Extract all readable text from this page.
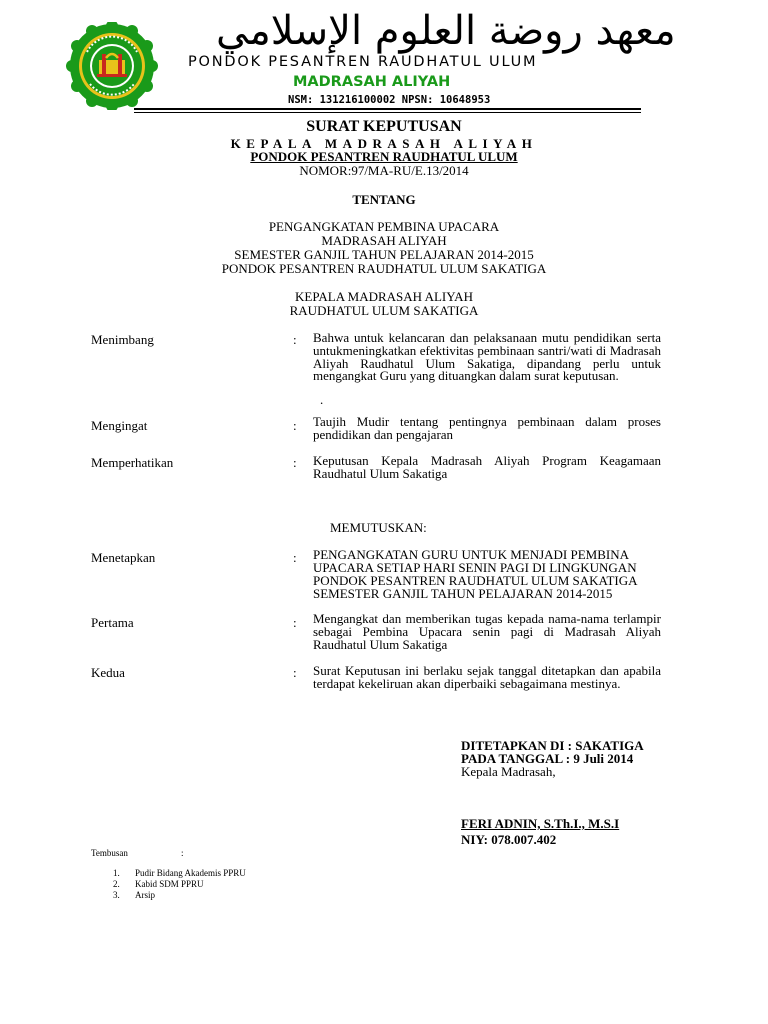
معهد روضة العلوم الإسلامي
PONDOK PESANTREN RAUDHATUL ULUM
MADRASAH ALIYAH
NSM: 131216100002 NPSN: 10648953
SURAT KEPUTUSAN
KEPALA MADRASAH ALIYAH
PONDOK PESANTREN RAUDHATUL ULUM
NOMOR:97/MA-RU/E.13/2014
TENTANG
PENGANGKATAN PEMBINA UPACARA
MADRASAH ALIYAH
SEMESTER GANJIL TAHUN PELAJARAN 2014-2015
PONDOK PESANTREN RAUDHATUL ULUM SAKATIGA
KEPALA MADRASAH ALIYAH
RAUDHATUL ULUM SAKATIGA
Menimbang	: Bahwa untuk kelancaran dan pelaksanaan mutu pendidikan serta untukmeningkatkan efektivitas pembinaan santri/wati di Madrasah Aliyah Raudhatul Ulum Sakatiga, dipandang perlu untuk mengangkat Guru yang dituangkan dalam surat keputusan.
.
Mengingat	: Taujih Mudir tentang pentingnya pembinaan dalam proses pendidikan dan pengajaran
Memperhatikan	: Keputusan Kepala Madrasah Aliyah Program Keagamaan Raudhatul Ulum Sakatiga
MEMUTUSKAN:
Menetapkan	: PENGANGKATAN GURU UNTUK MENJADI PEMBINA
UPACARA SETIAP HARI SENIN PAGI DI LINGKUNGAN
PONDOK PESANTREN RAUDHATUL ULUM SAKATIGA
SEMESTER GANJIL TAHUN PELAJARAN 2014-2015
Pertama	: Mengangkat dan memberikan tugas kepada nama-nama terlampir sebagai Pembina Upacara senin pagi di Madrasah Aliyah Raudhatul Ulum Sakatiga
Kedua	: Surat Keputusan ini berlaku sejak tanggal ditetapkan dan apabila terdapat kekeliruan akan diperbaiki sebagaimana mestinya.
DITETAPKAN DI : SAKATIGA
PADA TANGGAL : 9 Juli 2014
Kepala Madrasah,
FERI ADNIN, S.Th.I., M.S.I
NIY: 078.007.402
Tembusan	:
1. Pudir Bidang Akademis PPRU
2. Kabid SDM PPRU
3. Arsip
